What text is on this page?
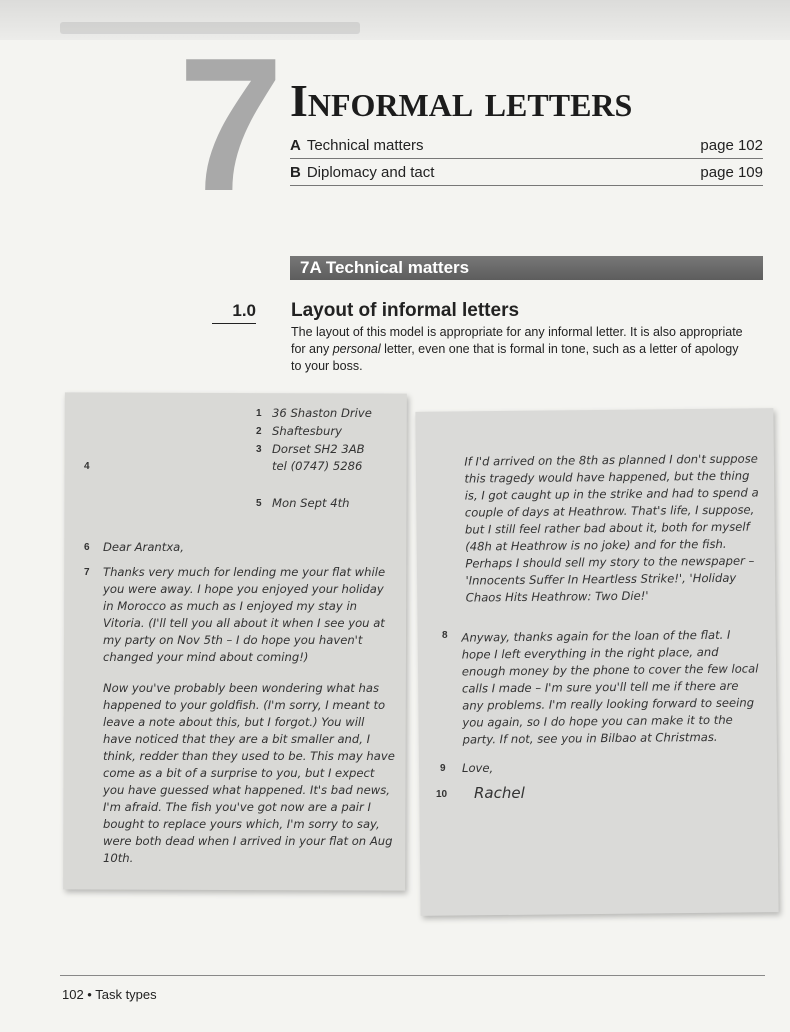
7 Informal letters
A Technical matters	page 102
B Diplomacy and tact	page 109
7A Technical matters
1.0 Layout of informal letters
The layout of this model is appropriate for any informal letter. It is also appropriate for any personal letter, even one that is formal in tone, such as a letter of apology to your boss.
1 36 Shaston Drive
2 Shaftesbury
3 Dorset SH2 3AB
4	tel (0747) 5286
5 Mon Sept 4th
6 Dear Arantxa,
7 Thanks very much for lending me your flat while you were away. I hope you enjoyed your holiday in Morocco as much as I enjoyed my stay in Vitoria. (I'll tell you all about it when I see you at my party on Nov 5th – I do hope you haven't changed your mind about coming!)
Now you've probably been wondering what has happened to your goldfish. (I'm sorry, I meant to leave a note about this, but I forgot.) You will have noticed that they are a bit smaller and, I think, redder than they used to be. This may have come as a bit of a surprise to you, but I expect you have guessed what happened. It's bad news, I'm afraid. The fish you've got now are a pair I bought to replace yours which, I'm sorry to say, were both dead when I arrived in your flat on Aug 10th.
If I'd arrived on the 8th as planned I don't suppose this tragedy would have happened, but the thing is, I got caught up in the strike and had to spend a couple of days at Heathrow. That's life, I suppose, but I still feel rather bad about it, both for myself (48h at Heathrow is no joke) and for the fish. Perhaps I should sell my story to the newspaper – 'Innocents Suffer In Heartless Strike!', 'Holiday Chaos Hits Heathrow: Two Die!'
8 Anyway, thanks again for the loan of the flat. I hope I left everything in the right place, and enough money by the phone to cover the few local calls I made – I'm sure you'll tell me if there are any problems. I'm really looking forward to seeing you again, so I do hope you can make it to the party. If not, see you in Bilbao at Christmas.
9 Love,
10 Rachel
102 • Task types
